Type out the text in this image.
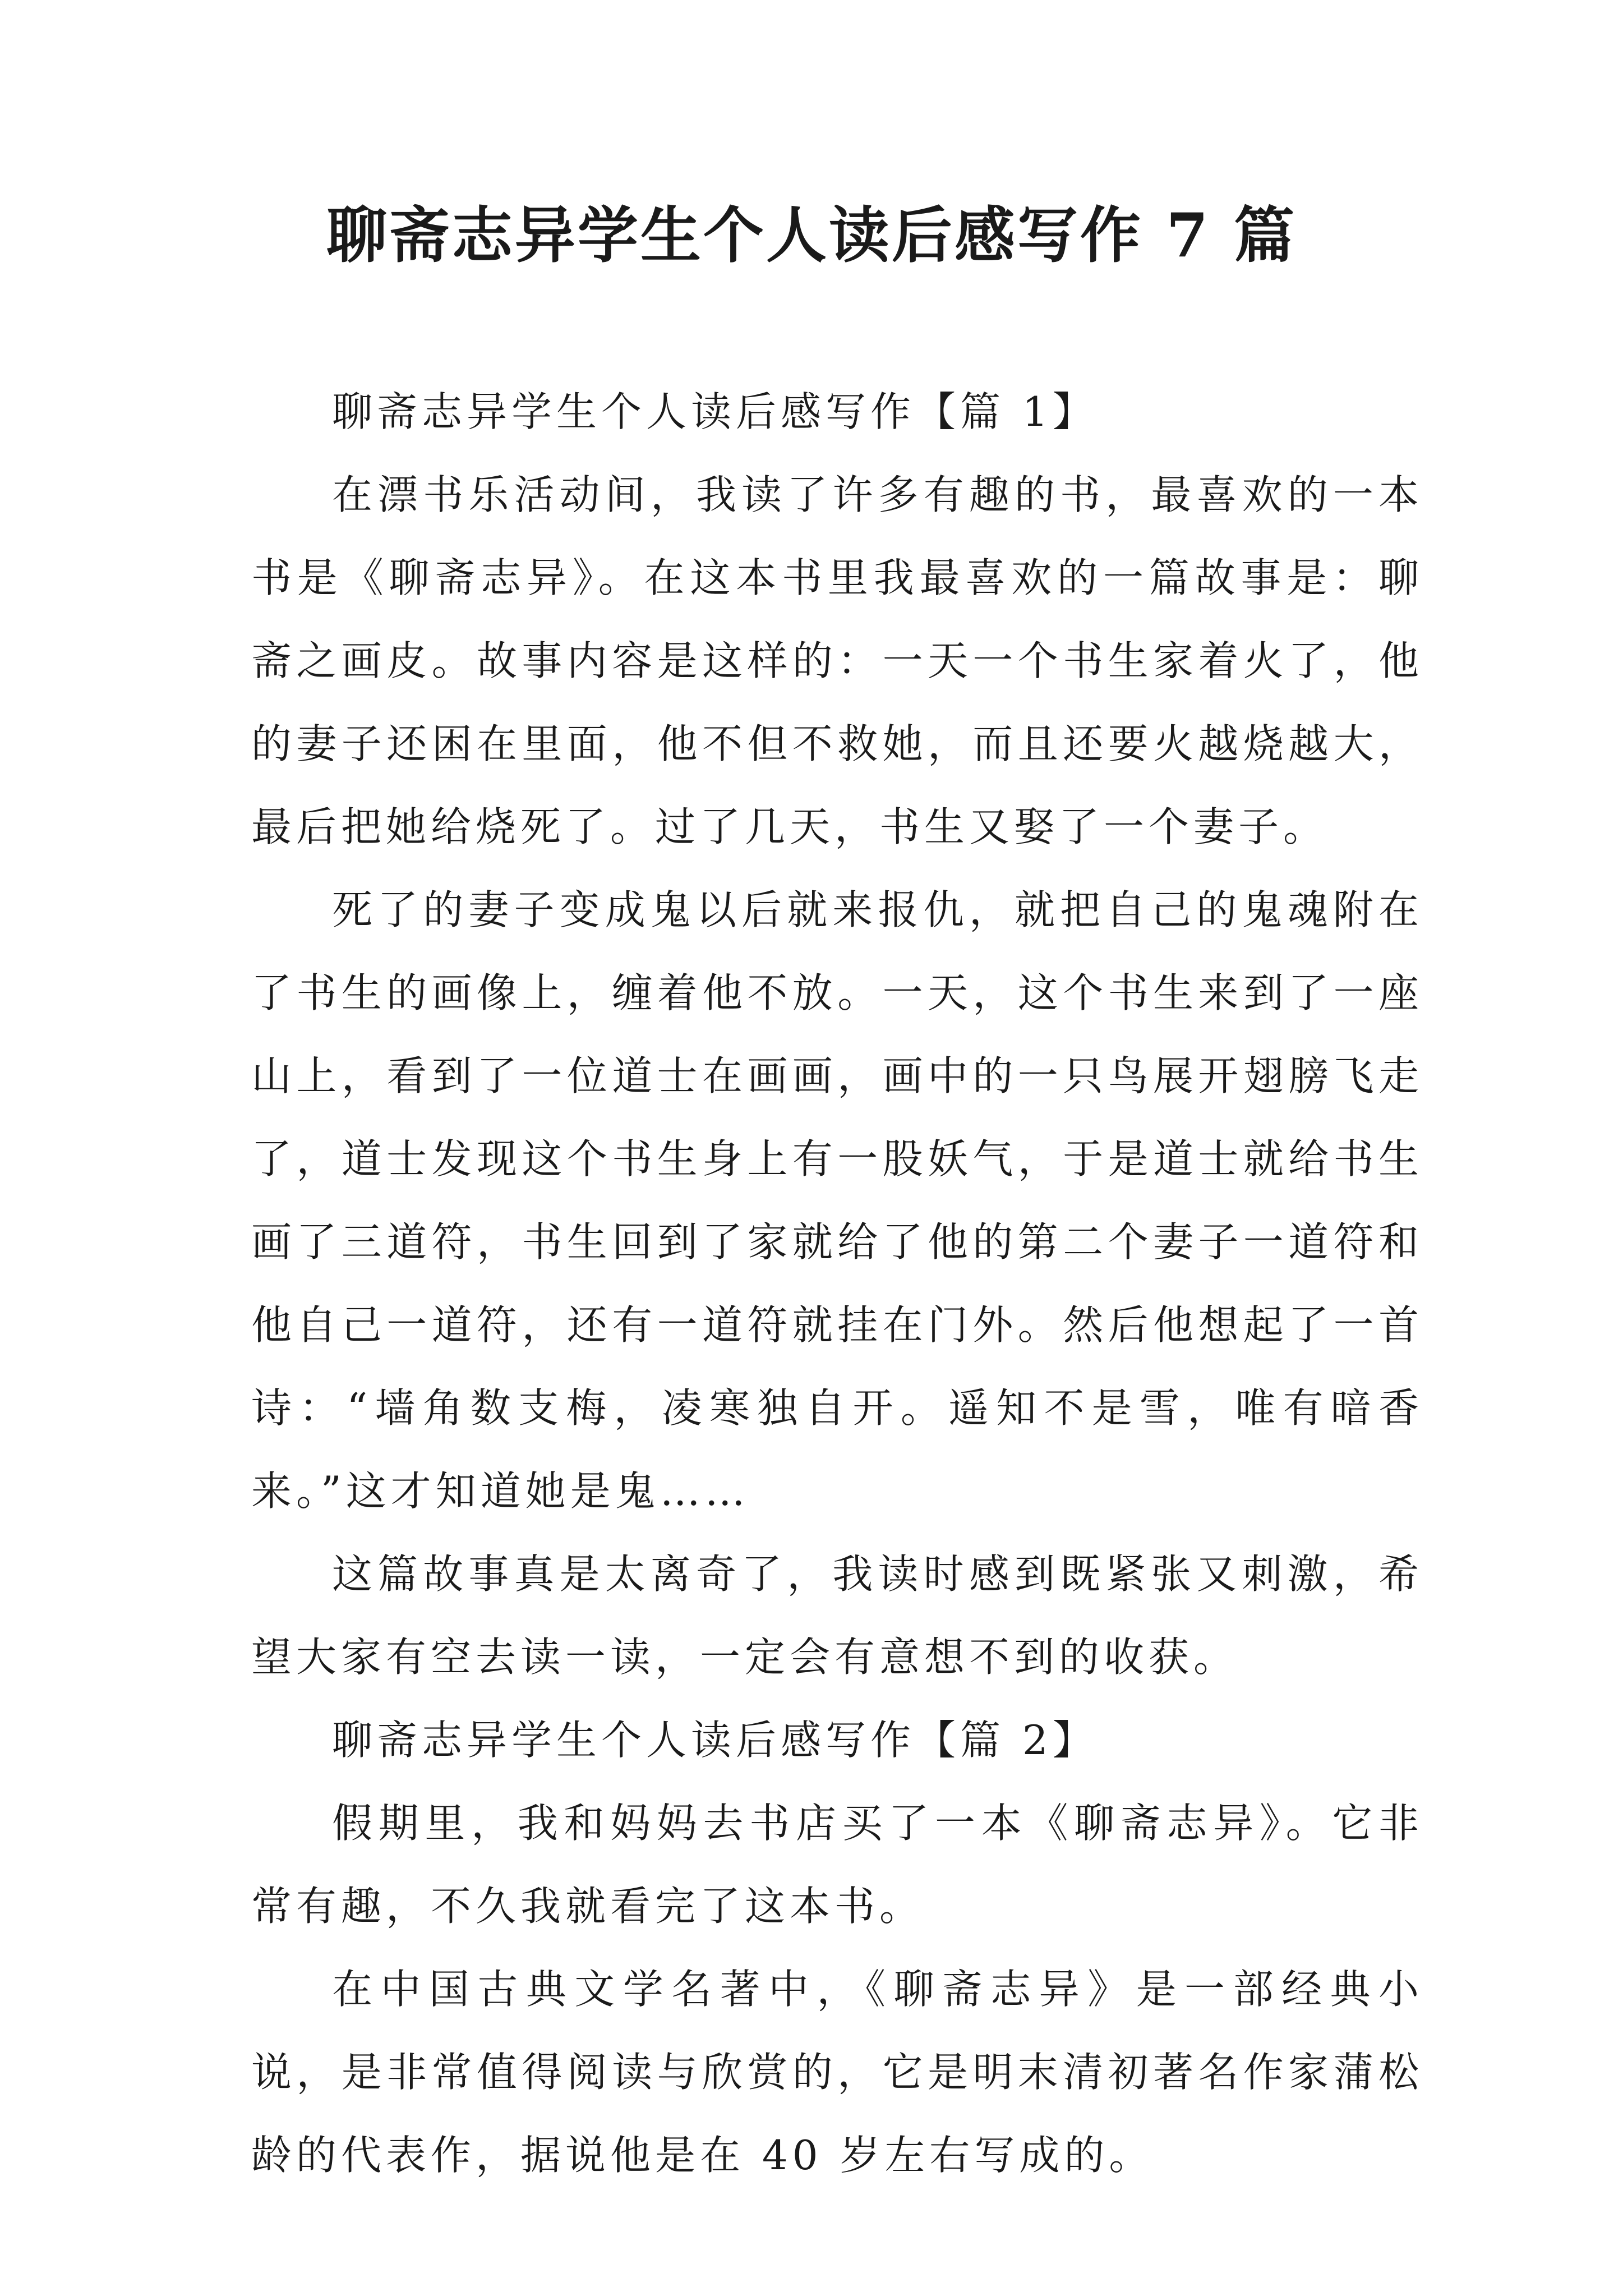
聊斋志异学生个人读后感写作 7 篇

聊斋志异学生个人读后感写作【篇 1】

在漂书乐活动间，我读了许多有趣的书，最喜欢的一本书是《聊斋志异》。在这本书里我最喜欢的一篇故事是：聊斋之画皮。故事内容是这样的：一天一个书生家着火了，他的妻子还困在里面，他不但不救她，而且还要火越烧越大，最后把她给烧死了。过了几天，书生又娶了一个妻子。

死了的妻子变成鬼以后就来报仇，就把自己的鬼魂附在了书生的画像上，缠着他不放。一天，这个书生来到了一座山上，看到了一位道士在画画，画中的一只鸟展开翅膀飞走了，道士发现这个书生身上有一股妖气，于是道士就给书生画了三道符，书生回到了家就给了他的第二个妻子一道符和他自己一道符，还有一道符就挂在门外。然后他想起了一首诗：“墙角数支梅，凌寒独自开。遥知不是雪，唯有暗香来。”这才知道她是鬼……

这篇故事真是太离奇了，我读时感到既紧张又刺激，希望大家有空去读一读，一定会有意想不到的收获。

聊斋志异学生个人读后感写作【篇 2】

假期里，我和妈妈去书店买了一本《聊斋志异》。它非常有趣，不久我就看完了这本书。

在中国古典文学名著中，《聊斋志异》是一部经典小说，是非常值得阅读与欣赏的，它是明末清初著名作家蒲松龄的代表作，据说他是在 40 岁左右写成的。
